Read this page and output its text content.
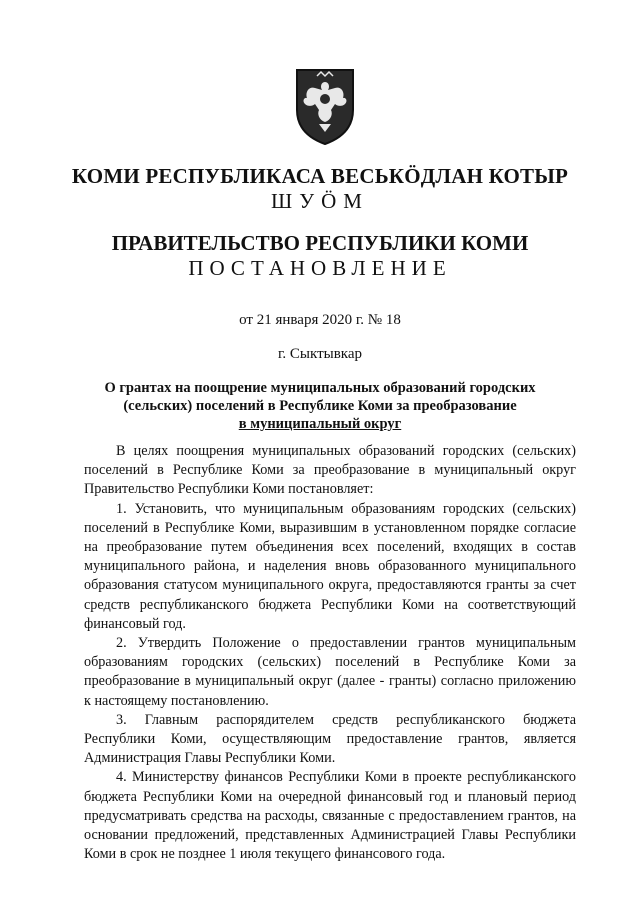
КОМИ РЕСПУБЛИКАСА ВЕСЬКÖДЛАН КОТЫР
ШУÖМ
ПРАВИТЕЛЬСТВО РЕСПУБЛИКИ КОМИ
ПОСТАНОВЛЕНИЕ
от 21 января 2020 г. № 18
г. Сыктывкар
О грантах на поощрение муниципальных образований городских
(сельских) поселений в Республике Коми за преобразование
в муниципальный округ

В целях поощрения муниципальных образований городских (сельских) поселений в Республике Коми за преобразование в муниципальный округ Правительство Республики Коми постановляет:

1. Установить, что муниципальным образованиям городских (сельских) поселений в Республике Коми, выразившим в установленном порядке согласие на преобразование путем объединения всех поселений, входящих в состав муниципального района, и наделения вновь образованного муниципального образования статусом муниципального округа, предоставляются гранты за счет средств республиканского бюджета Республики Коми на соответствующий финансовый год.

2. Утвердить Положение о предоставлении грантов муниципальным образованиям городских (сельских) поселений в Республике Коми за преобразование в муниципальный округ (далее - гранты) согласно приложению к настоящему постановлению.

3. Главным распорядителем средств республиканского бюджета Республики Коми, осуществляющим предоставление грантов, является Администрация Главы Республики Коми.

4. Министерству финансов Республики Коми в проекте республиканского бюджета Республики Коми на очередной финансовый год и плановый период предусматривать средства на расходы, связанные с предоставлением грантов, на основании предложений, представленных Администрацией Главы Республики Коми в срок не позднее 1 июля текущего финансового года.
